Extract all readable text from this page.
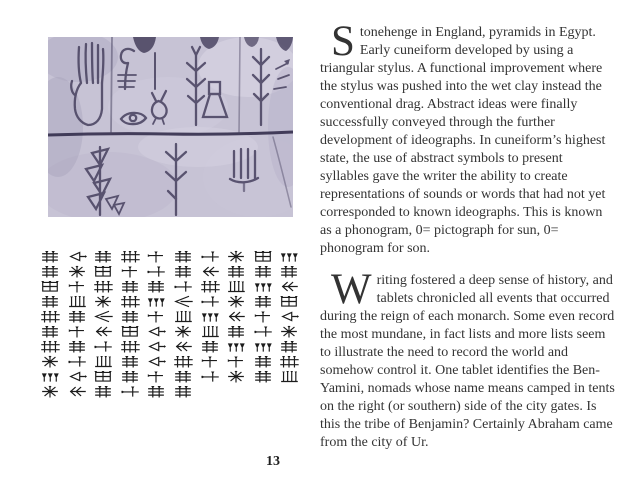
Stonehenge in England, pyramids in Egypt. Early cuneiform developed by using a triangular stylus. A functional improvement where the stylus was pushed into the wet clay instead the conventional drag. Abstract ideas were finally successfully conveyed through the further development of ideographs. In cuneiform’s highest state, the use of abstract symbols to present syllables gave the writer the ability to create representations of sounds or words that had not yet corresponded to known ideographs. This is known as a phonogram, 0= pictograph for sun, 0= phonogram for son.

Writing fostered a deep sense of history, and tablets chronicled all events that occurred during the reign of each monarch. Some even record the most mundane, in fact lists and more lists seem to illustrate the need to record the world and somehow control it. One tablet identifies the Ben-Yamini, nomads whose name means camped in tents on the right (or southern) side of the city gates. Is this the tribe of Benjamin? Certainly Abraham came from the city of Ur.

13
